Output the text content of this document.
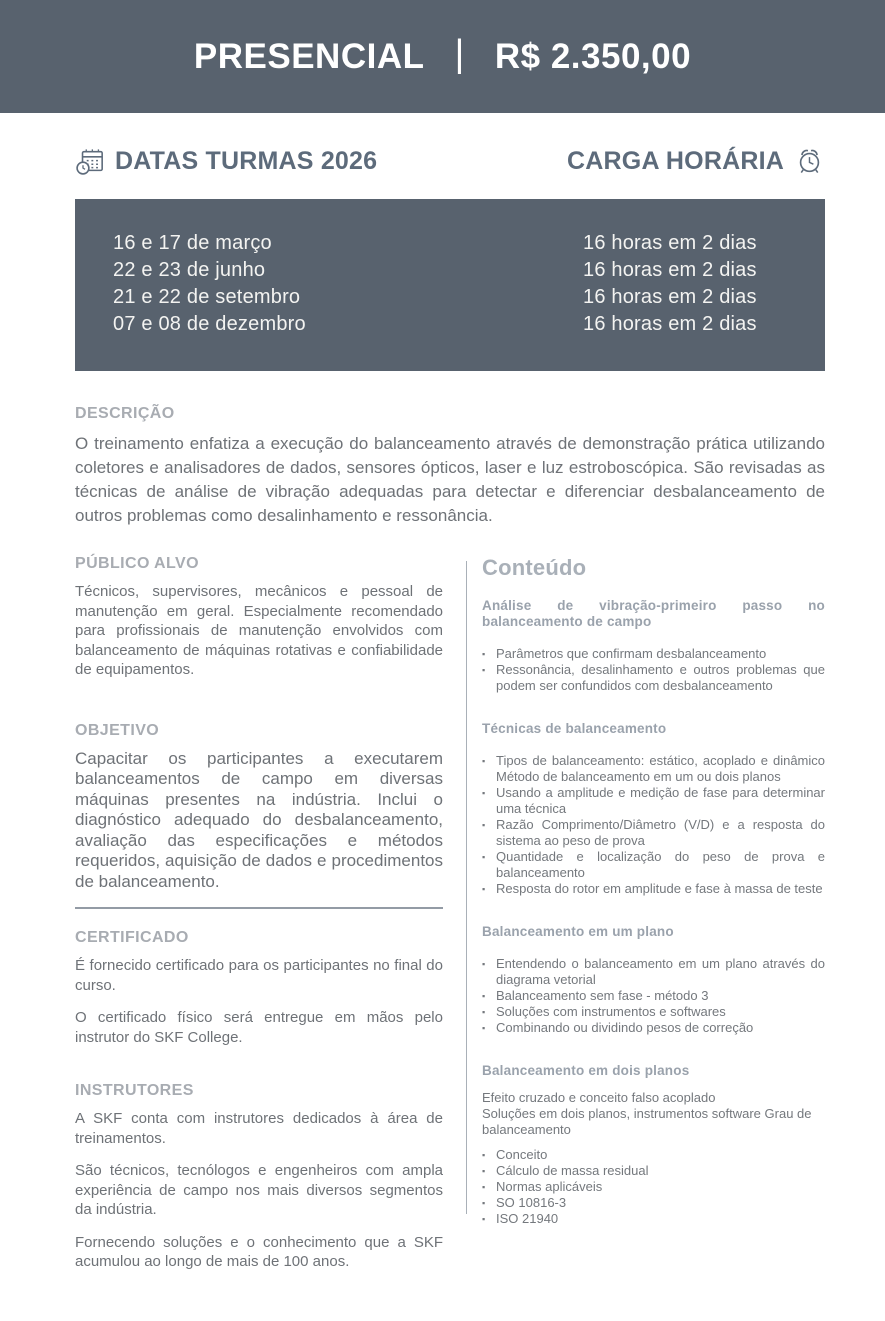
PRESENCIAL | R$ 2.350,00
DATAS TURMAS 2026	CARGA HORÁRIA
16 e 17 de março	16 horas em 2 dias
22 e 23 de junho	16 horas em 2 dias
21 e 22 de setembro	16 horas em 2 dias
07 e 08 de dezembro	16 horas em 2 dias
DESCRIÇÃO

O treinamento enfatiza a execução do balanceamento através de demonstração prática utilizando coletores e analisadores de dados, sensores ópticos, laser e luz estroboscópica. São revisadas as técnicas de análise de vibração adequadas para detectar e diferenciar desbalanceamento de outros problemas como desalinhamento e ressonância.

PÚBLICO ALVO

Técnicos, supervisores, mecânicos e pessoal de manutenção em geral. Especialmente recomendado para profissionais de manutenção envolvidos com balanceamento de máquinas rotativas e confiabilidade de equipamentos.

OBJETIVO

Capacitar os participantes a executarem balanceamentos de campo em diversas máquinas presentes na indústria. Inclui o diagnóstico adequado do desbalanceamento, avaliação das especificações e métodos requeridos, aquisição de dados e procedimentos de balanceamento.

CERTIFICADO

É fornecido certificado para os participantes no final do curso.

O certificado físico será entregue em mãos pelo instrutor do SKF College.

INSTRUTORES

A SKF conta com instrutores dedicados à área de treinamentos.

São técnicos, tecnólogos e engenheiros com ampla experiência de campo nos mais diversos segmentos da indústria.

Fornecendo soluções e o conhecimento que a SKF acumulou ao longo de mais de 100 anos.

Conteúdo
Análise de vibração-primeiro passo no balanceamento de campo
▪ Parâmetros que confirmam desbalanceamento
▪ Ressonância, desalinhamento e outros problemas que podem ser confundidos com desbalanceamento
Técnicas de balanceamento
▪ Tipos de balanceamento: estático, acoplado e dinâmico Método de balanceamento em um ou dois planos
▪ Usando a amplitude e medição de fase para determinar uma técnica
▪ Razão Comprimento/Diâmetro (V/D) e a resposta do sistema ao peso de prova
▪ Quantidade e localização do peso de prova e balanceamento
▪ Resposta do rotor em amplitude e fase à massa de teste
Balanceamento em um plano
▪ Entendendo o balanceamento em um plano através do diagrama vetorial
▪ Balanceamento sem fase - método 3
▪ Soluções com instrumentos e softwares
▪ Combinando ou dividindo pesos de correção
Balanceamento em dois planos

Efeito cruzado e conceito falso acoplado

Soluções em dois planos, instrumentos software Grau de balanceamento

▪ Conceito
▪ Cálculo de massa residual
▪ Normas aplicáveis
▪ SO 10816-3
▪ ISO 21940
